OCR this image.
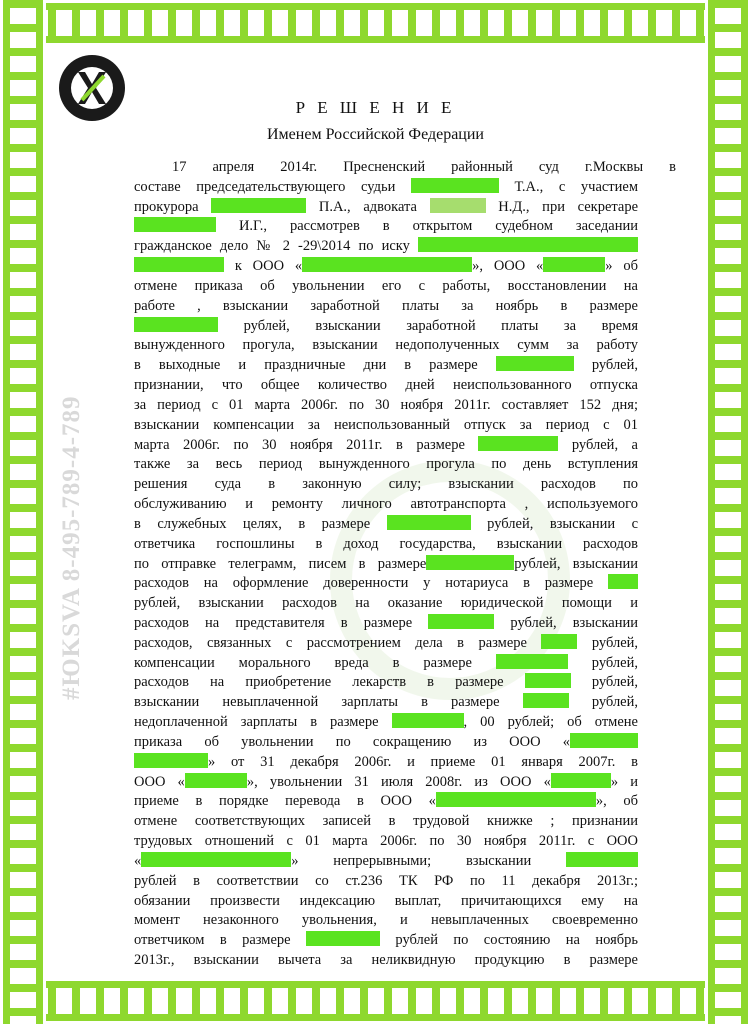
#ЮKSVA 8-495-789-4-789
Р Е Ш Е Н И Е
Именем Российской Федерации
17 апреля 2014г. Пресненский районный суд г.Москвы в
составе председательствующего судьи	Т.А., с участием
прокурора	П.А., адвоката	Н.Д., при секретаре
И.Г., рассмотрев в открытом судебном заседании
гражданское дело № 2 -29\2014 по иску
к ООО «	», ООО «	» об
отмене приказа об увольнении его с работы, восстановлении на
работе , взыскании заработной платы за ноябрь в размере
рублей, взыскании заработной платы за время
вынужденного прогула, взыскании недополученных сумм за работу
в выходные и праздничные дни в размере	рублей,
признании, что общее количество дней неиспользованного отпуска
за период с 01 марта 2006г. по 30 ноября 2011г. составляет 152 дня;
взыскании компенсации за неиспользованный отпуск за период с 01
марта 2006г. по 30 ноября 2011г. в размере	рублей, а
также за весь период вынужденного прогула по день вступления
решения суда в законную силу; взыскании расходов по
обслуживанию и ремонту личного автотранспорта , используемого
в служебных целях, в размере	рублей, взыскании с
ответчика госпошлины в доход государства, взыскании расходов
по отправке телеграмм, писем в размере	рублей, взыскании
расходов на оформление доверенности у нотариуса в размере
рублей, взыскании расходов на оказание юридической помощи и
расходов на представителя в размере	рублей, взыскании
расходов, связанных с рассмотрением дела в размере	рублей,
компенсации морального вреда в размере	рублей,
расходов на приобретение лекарств в размере	рублей,
взыскании невыплаченной зарплаты в размере	рублей,
недоплаченной зарплаты в размере	, 00 рублей; об отмене
приказа об увольнении по сокращению из ООО «
» от 31 декабря 2006г. и приеме 01 января 2007г. в
ООО «	», увольнении 31 июля 2008г. из ООО «	» и
приеме в порядке перевода в ООО «	», об
отмене соответствующих записей в трудовой книжке ; признании
трудовых отношений с 01 марта 2006г. по 30 ноября 2011г. с ООО
«	» непрерывными; взыскании
рублей в соответствии со ст.236 ТК РФ по 11 декабря 2013г.;
обязании произвести индексацию выплат, причитающихся ему на
момент незаконного увольнения, и невыплаченных своевременно
ответчиком в размере	рублей по состоянию на ноябрь
2013г., взыскании вычета за неликвидную продукцию в размере
